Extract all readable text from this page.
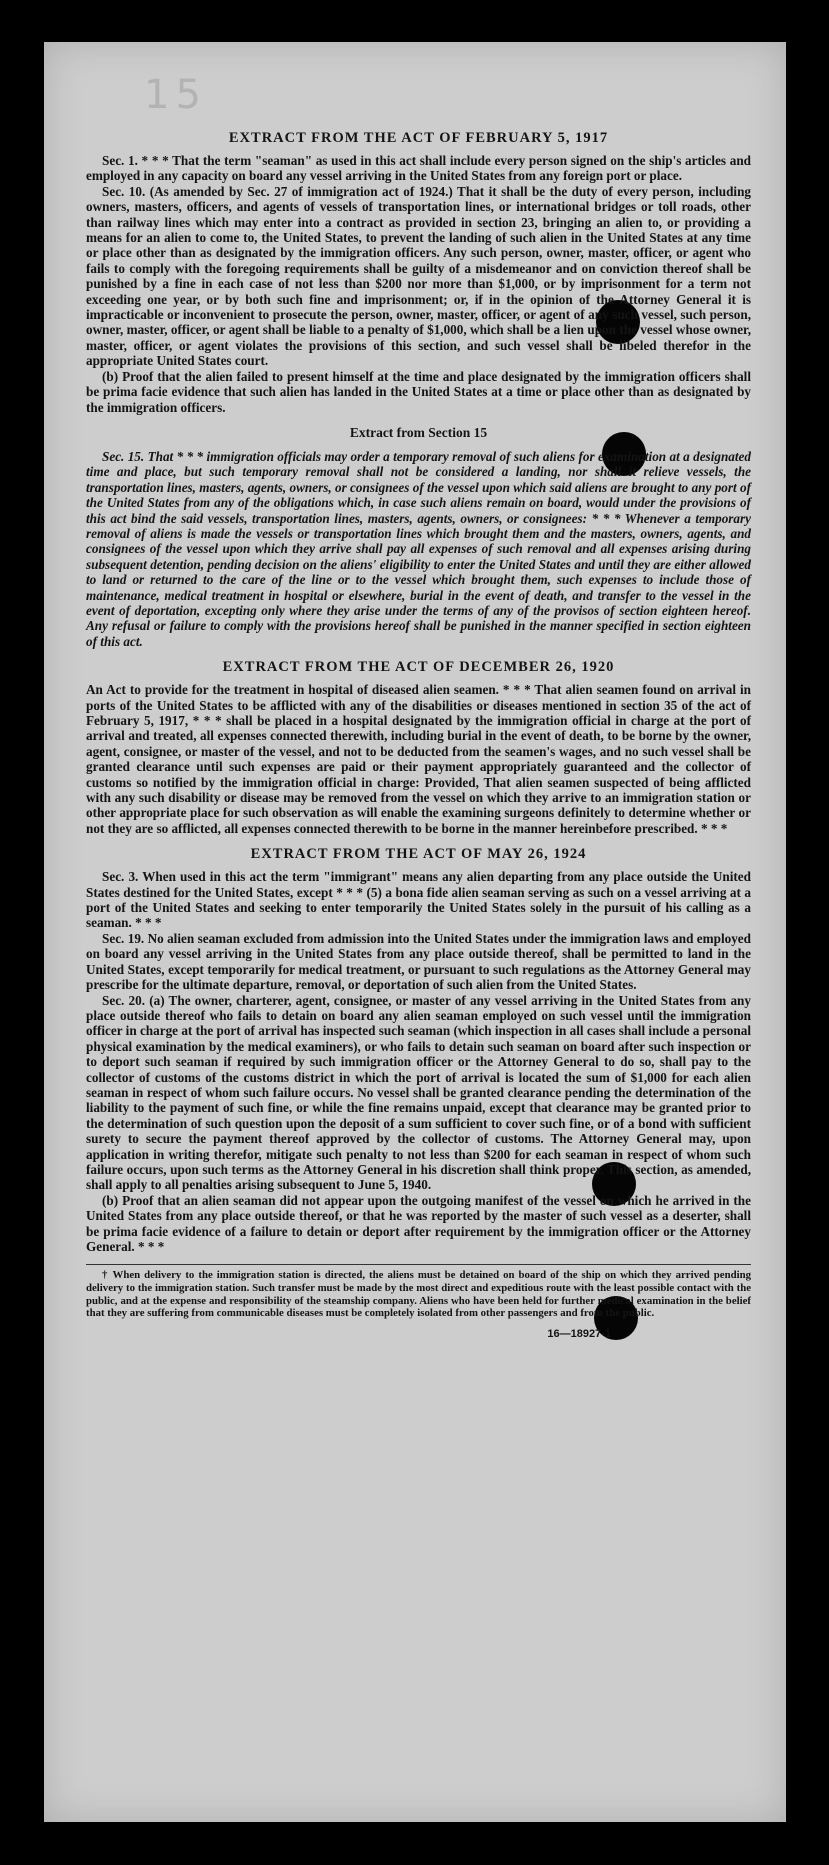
15
EXTRACT FROM THE ACT OF FEBRUARY 5, 1917

Sec. 1. * * * That the term "seaman" as used in this act shall include every person signed on the ship's articles and employed in any capacity on board any vessel arriving in the United States from any foreign port or place.

Sec. 10. (As amended by Sec. 27 of immigration act of 1924.) That it shall be the duty of every person, including owners, masters, officers, and agents of vessels of transportation lines, or international bridges or toll roads, other than railway lines which may enter into a contract as provided in section 23, bringing an alien to, or providing a means for an alien to come to, the United States, to prevent the landing of such alien in the United States at any time or place other than as designated by the immigration officers. Any such person, owner, master, officer, or agent who fails to comply with the foregoing requirements shall be guilty of a misdemeanor and on conviction thereof shall be punished by a fine in each case of not less than $200 nor more than $1,000, or by imprisonment for a term not exceeding one year, or by both such fine and imprisonment; or, if in the opinion of the Attorney General it is impracticable or inconvenient to prosecute the person, owner, master, officer, or agent of any such vessel, such person, owner, master, officer, or agent shall be liable to a penalty of $1,000, which shall be a lien upon the vessel whose owner, master, officer, or agent violates the provisions of this section, and such vessel shall be libeled therefor in the appropriate United States court.

(b) Proof that the alien failed to present himself at the time and place designated by the immigration officers shall be prima facie evidence that such alien has landed in the United States at a time or place other than as designated by the immigration officers.

Extract from Section 15

Sec. 15. That * * * immigration officials may order a temporary removal of such aliens for examination at a designated time and place, but such temporary removal shall not be considered a landing, nor shall it relieve vessels, the transportation lines, masters, agents, owners, or consignees of the vessel upon which said aliens are brought to any port of the United States from any of the obligations which, in case such aliens remain on board, would under the provisions of this act bind the said vessels, transportation lines, masters, agents, owners, or consignees: * * * Whenever a temporary removal of aliens is made the vessels or transportation lines which brought them and the masters, owners, agents, and consignees of the vessel upon which they arrive shall pay all expenses of such removal and all expenses arising during subsequent detention, pending decision on the aliens' eligibility to enter the United States and until they are either allowed to land or returned to the care of the line or to the vessel which brought them, such expenses to include those of maintenance, medical treatment in hospital or elsewhere, burial in the event of death, and transfer to the vessel in the event of deportation, excepting only where they arise under the terms of any of the provisos of section eighteen hereof. Any refusal or failure to comply with the provisions hereof shall be punished in the manner specified in section eighteen of this act.

EXTRACT FROM THE ACT OF DECEMBER 26, 1920

An Act to provide for the treatment in hospital of diseased alien seamen. * * * That alien seamen found on arrival in ports of the United States to be afflicted with any of the disabilities or diseases mentioned in section 35 of the act of February 5, 1917, * * * shall be placed in a hospital designated by the immigration official in charge at the port of arrival and treated, all expenses connected therewith, including burial in the event of death, to be borne by the owner, agent, consignee, or master of the vessel, and not to be deducted from the seamen's wages, and no such vessel shall be granted clearance until such expenses are paid or their payment appropriately guaranteed and the collector of customs so notified by the immigration official in charge: Provided, That alien seamen suspected of being afflicted with any such disability or disease may be removed from the vessel on which they arrive to an immigration station or other appropriate place for such observation as will enable the examining surgeons definitely to determine whether or not they are so afflicted, all expenses connected therewith to be borne in the manner hereinbefore prescribed. * * *

EXTRACT FROM THE ACT OF MAY 26, 1924

Sec. 3. When used in this act the term "immigrant" means any alien departing from any place outside the United States destined for the United States, except * * * (5) a bona fide alien seaman serving as such on a vessel arriving at a port of the United States and seeking to enter temporarily the United States solely in the pursuit of his calling as a seaman. * * *

Sec. 19. No alien seaman excluded from admission into the United States under the immigration laws and employed on board any vessel arriving in the United States from any place outside thereof, shall be permitted to land in the United States, except temporarily for medical treatment, or pursuant to such regulations as the Attorney General may prescribe for the ultimate departure, removal, or deportation of such alien from the United States.

Sec. 20. (a) The owner, charterer, agent, consignee, or master of any vessel arriving in the United States from any place outside thereof who fails to detain on board any alien seaman employed on such vessel until the immigration officer in charge at the port of arrival has inspected such seaman (which inspection in all cases shall include a personal physical examination by the medical examiners), or who fails to detain such seaman on board after such inspection or to deport such seaman if required by such immigration officer or the Attorney General to do so, shall pay to the collector of customs of the customs district in which the port of arrival is located the sum of $1,000 for each alien seaman in respect of whom such failure occurs. No vessel shall be granted clearance pending the determination of the liability to the payment of such fine, or while the fine remains unpaid, except that clearance may be granted prior to the determination of such question upon the deposit of a sum sufficient to cover such fine, or of a bond with sufficient surety to secure the payment thereof approved by the collector of customs. The Attorney General may, upon application in writing therefor, mitigate such penalty to not less than $200 for each seaman in respect of whom such failure occurs, upon such terms as the Attorney General in his discretion shall think proper. This section, as amended, shall apply to all penalties arising subsequent to June 5, 1940.

(b) Proof that an alien seaman did not appear upon the outgoing manifest of the vessel on which he arrived in the United States from any place outside thereof, or that he was reported by the master of such vessel as a deserter, shall be prima facie evidence of a failure to detain or deport after requirement by the immigration officer or the Attorney General. * * *

† When delivery to the immigration station is directed, the aliens must be detained on board of the ship on which they arrived pending delivery to the immigration station. Such transfer must be made by the most direct and expeditious route with the least possible contact with the public, and at the expense and responsibility of the steamship company. Aliens who have been held for further medical examination in the belief that they are suffering from communicable diseases must be completely isolated from other passengers and from the public.

16—18927-1
